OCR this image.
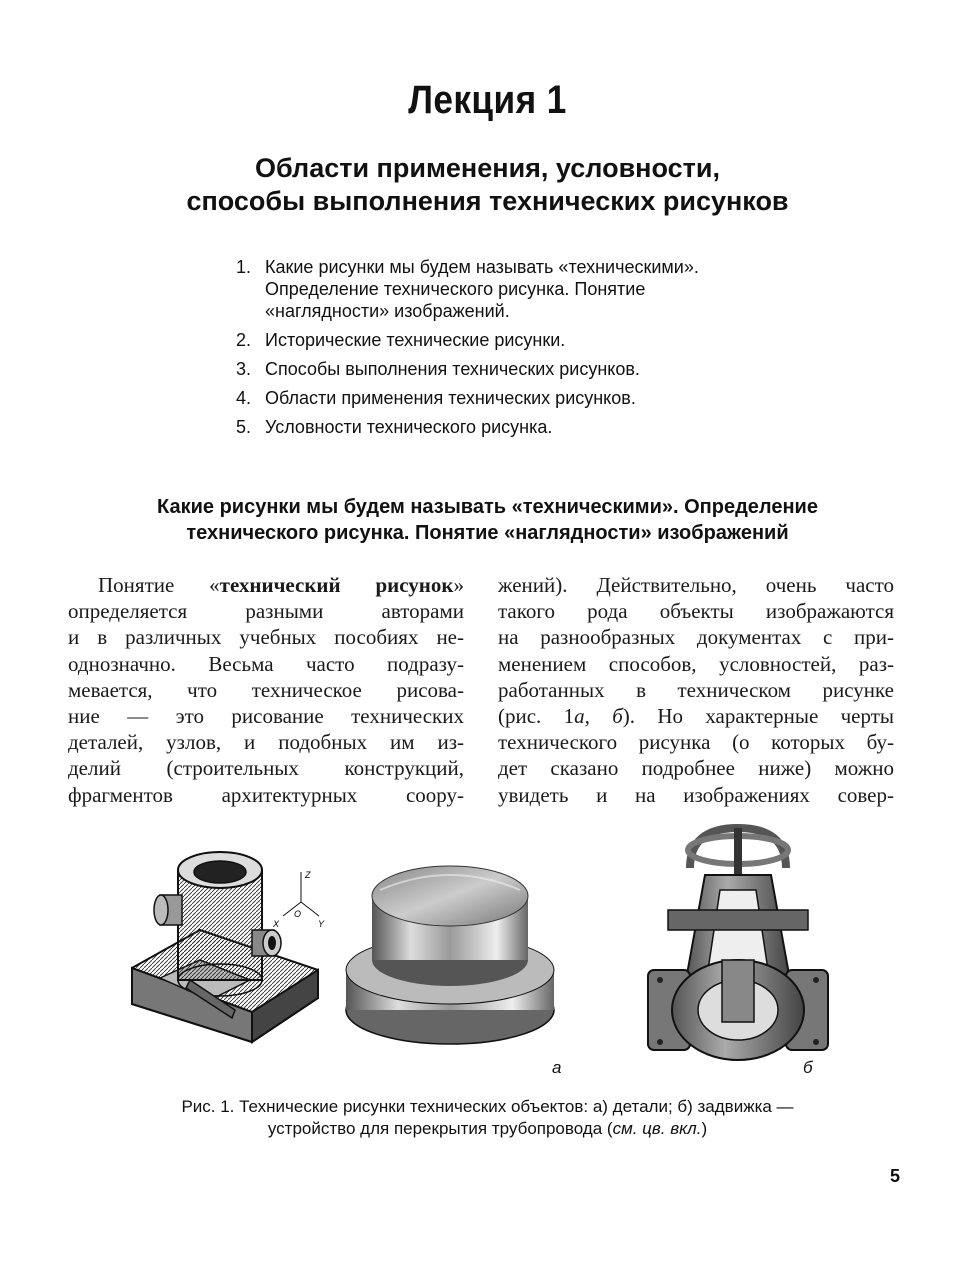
Лекция 1
Области применения, условности,
способы выполнения технических рисунков
1. Какие рисунки мы будем называть «техническими».
Определение технического рисунка. Понятие
«наглядности» изображений.
2. Исторические технические рисунки.
3. Способы выполнения технических рисунков.
4. Области применения технических рисунков.
5. Условности технического рисунка.
Какие рисунки мы будем называть «техническими». Определение
технического рисунка. Понятие «наглядности» изображений
Понятие «технический рисунок»
определяется разными авторами
и в различных учебных пособиях не-
однозначно. Весьма часто подразу-
мевается, что техническое рисова-
ние — это рисование технических
деталей, узлов, и подобных им из-
делий (строительных конструкций,
фрагментов архитектурных соору-
жений). Действительно, очень часто
такого рода объекты изображаются
на разнообразных документах с при-
менением способов, условностей, раз-
работанных в техническом рисунке
(рис. 1а, б). Но характерные черты
технического рисунка (о которых бу-
дет сказано подробнее ниже) можно
увидеть и на изображениях совер-
Z
O
X	Y
а	б
Рис. 1. Технические рисунки технических объектов: а) детали; б) задвижка —
устройство для перекрытия трубопровода (см. цв. вкл.)
5
